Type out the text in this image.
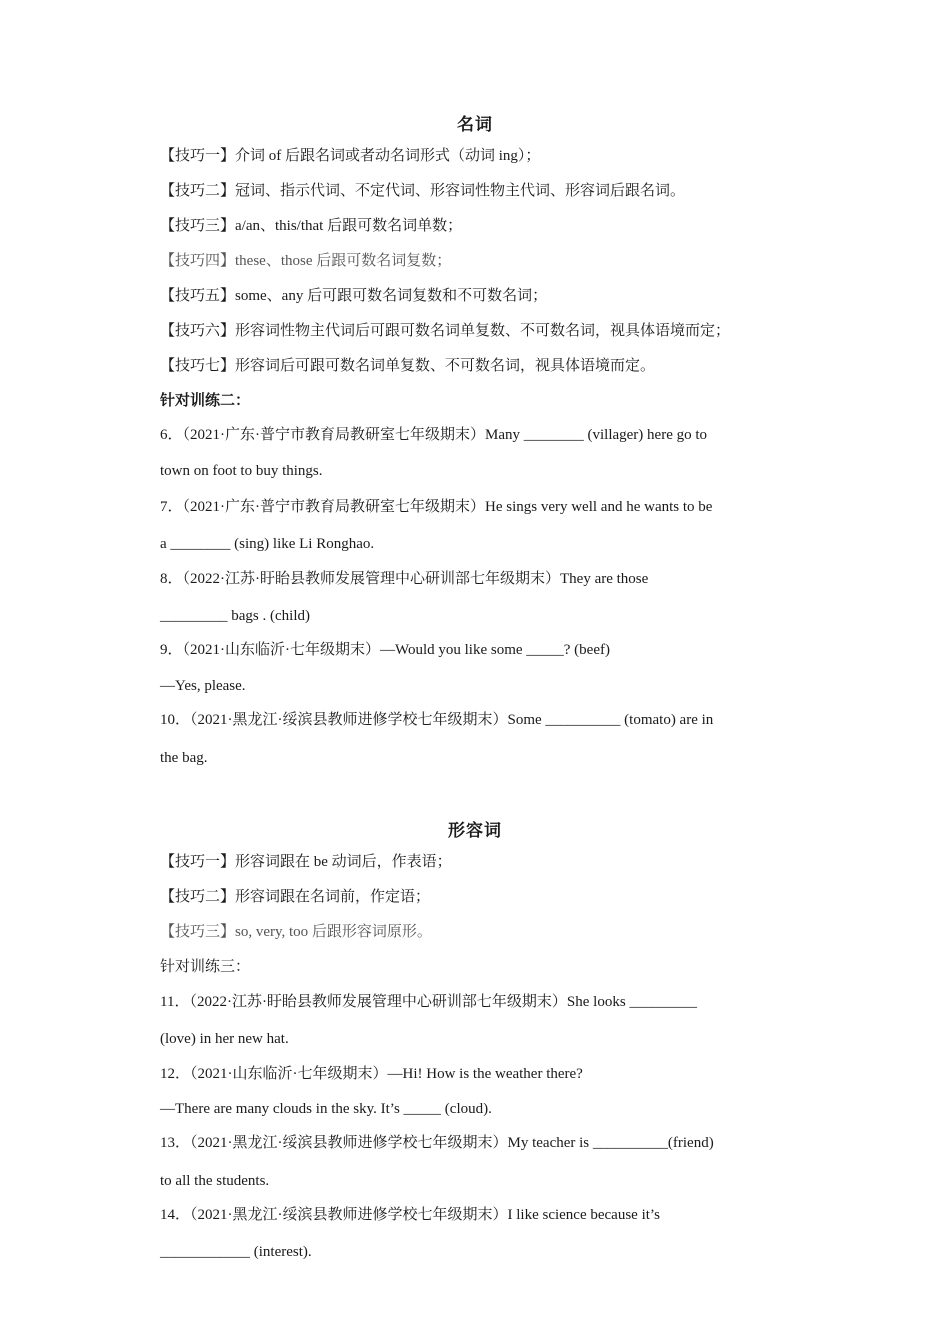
名词
【技巧一】介词 of 后跟名词或者动名词形式（动词 ing）；
【技巧二】冠词、指示代词、不定代词、形容词性物主代词、形容词后跟名词。
【技巧三】a/an、this/that 后跟可数名词单数；
【技巧四】these、those 后跟可数名词复数；
【技巧五】some、any 后可跟可数名词复数和不可数名词；
【技巧六】形容词性物主代词后可跟可数名词单复数、不可数名词，视具体语境而定；
【技巧七】形容词后可跟可数名词单复数、不可数名词，视具体语境而定。
针对训练二：
6．（2021·广东·普宁市教育局教研室七年级期末）Many ________ (villager) here go to
town on foot to buy things.
7．（2021·广东·普宁市教育局教研室七年级期末）He sings very well and he wants to be
a ________ (sing) like Li Ronghao.
8．（2022·江苏·盱眙县教师发展管理中心研训部七年级期末）They are those
_________ bags . (child)
9．（2021·山东临沂·七年级期末）—Would you like some _____? (beef)
—Yes, please.
10．（2021·黑龙江·绥滨县教师进修学校七年级期末）Some __________ (tomato) are in
the bag.
形容词
【技巧一】形容词跟在 be 动词后，作表语；
【技巧二】形容词跟在名词前，作定语；
【技巧三】so, very, too 后跟形容词原形。
针对训练三：
11．（2022·江苏·盱眙县教师发展管理中心研训部七年级期末）She looks _________
(love) in her new hat.
12．（2021·山东临沂·七年级期末）—Hi! How is the weather there?
—There are many clouds in the sky. It’s _____ (cloud).
13．（2021·黑龙江·绥滨县教师进修学校七年级期末）My teacher is __________(friend)
to all the students.
14．（2021·黑龙江·绥滨县教师进修学校七年级期末）I like science because it’s
____________ (interest).
